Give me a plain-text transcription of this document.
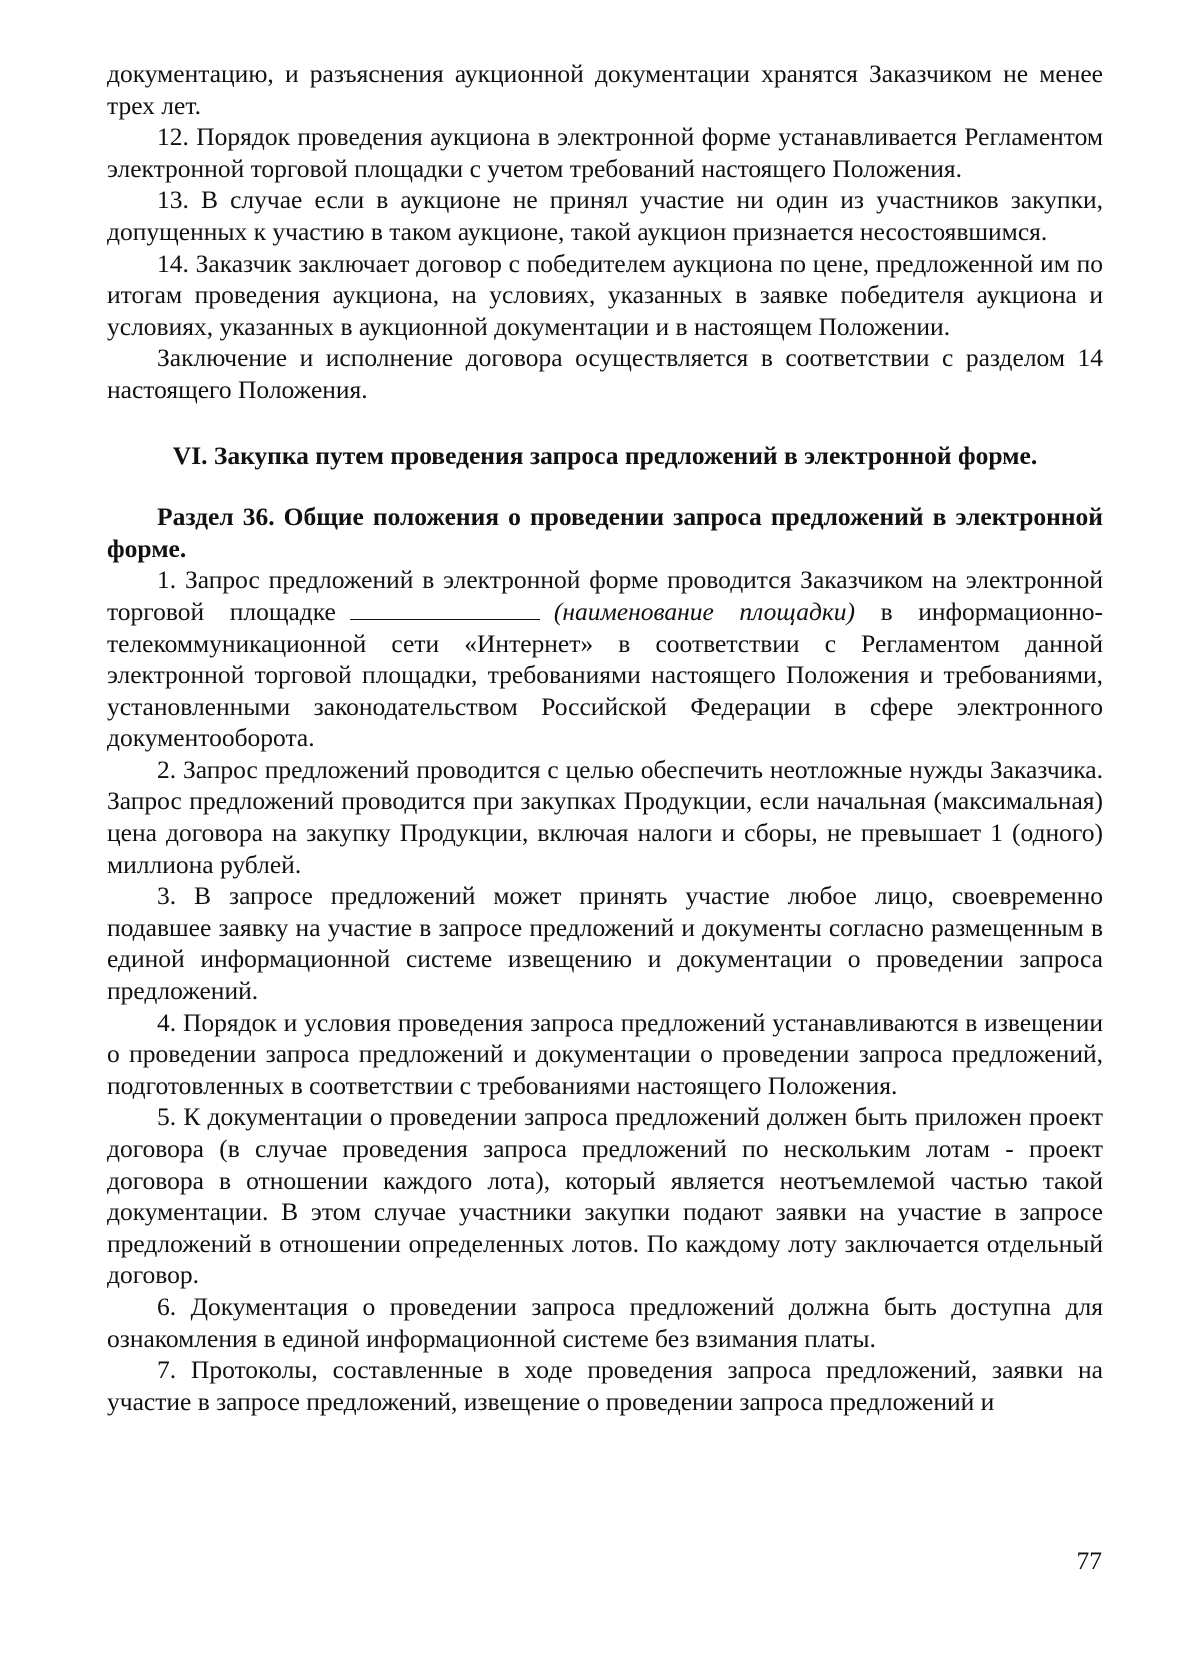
документацию, и разъяснения аукционной документации хранятся Заказчиком не менее трех лет.

12. Порядок проведения аукциона в электронной форме устанавливается Регламентом электронной торговой площадки с учетом требований настоящего Положения.

13. В случае если в аукционе не принял участие ни один из участников закупки, допущенных к участию в таком аукционе, такой аукцион признается несостоявшимся.

14. Заказчик заключает договор с победителем аукциона по цене, предложенной им по итогам проведения аукциона, на условиях, указанных в заявке победителя аукциона и условиях, указанных в аукционной документации и в настоящем Положении.

Заключение и исполнение договора осуществляется в соответствии с разделом 14 настоящего Положения.

VI. Закупка путем проведения запроса предложений в электронной форме.

Раздел 36. Общие положения о проведении запроса предложений в электронной форме.

1. Запрос предложений в электронной форме проводится Заказчиком на электронной торговой площадке	(наименование площадки) в информационно-телекоммуникационной сети «Интернет» в соответствии с Регламентом данной электронной торговой площадки, требованиями настоящего Положения и требованиями, установленными законодательством Российской Федерации в сфере электронного документооборота.

2. Запрос предложений проводится с целью обеспечить неотложные нужды Заказчика. Запрос предложений проводится при закупках Продукции, если начальная (максимальная) цена договора на закупку Продукции, включая налоги и сборы, не превышает 1 (одного) миллиона рублей.

3. В запросе предложений может принять участие любое лицо, своевременно подавшее заявку на участие в запросе предложений и документы согласно размещенным в единой информационной системе извещению и документации о проведении запроса предложений.

4. Порядок и условия проведения запроса предложений устанавливаются в извещении о проведении запроса предложений и документации о проведении запроса предложений, подготовленных в соответствии с требованиями настоящего Положения.

5. К документации о проведении запроса предложений должен быть приложен проект договора (в случае проведения запроса предложений по нескольким лотам - проект договора в отношении каждого лота), который является неотъемлемой частью такой документации. В этом случае участники закупки подают заявки на участие в запросе предложений в отношении определенных лотов. По каждому лоту заключается отдельный договор.

6. Документация о проведении запроса предложений должна быть доступна для ознакомления в единой информационной системе без взимания платы.

7. Протоколы, составленные в ходе проведения запроса предложений, заявки на участие в запросе предложений, извещение о проведении запроса предложений и

77
